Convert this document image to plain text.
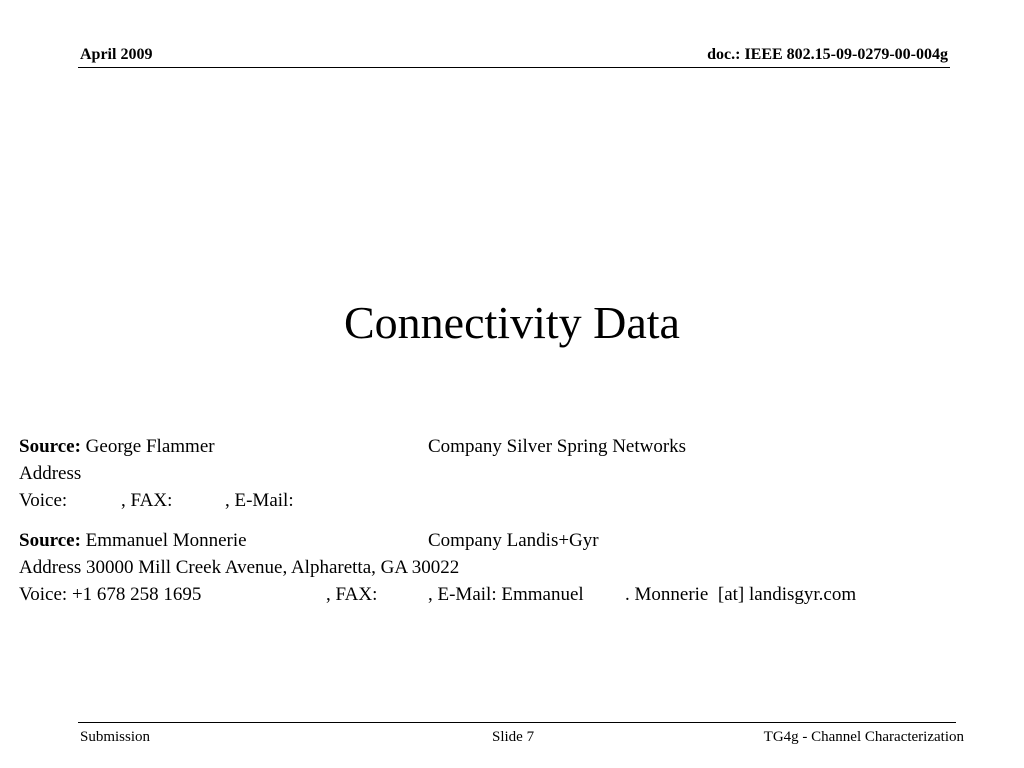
April 2009	doc.: IEEE 802.15-09-0279-00-004g
Connectivity Data
Source: George Flammer	Company Silver Spring Networks
Address
Voice:	, FAX:	, E-Mail:
Source: Emmanuel Monnerie	Company Landis+Gyr
Address 30000 Mill Creek Avenue, Alpharetta, GA 30022
Voice: +1 678 258 1695	, FAX:	, E-Mail: Emmanuel . Monnerie  [at] landisgyr.com
Submission	Slide 7	TG4g - Channel Characterization
